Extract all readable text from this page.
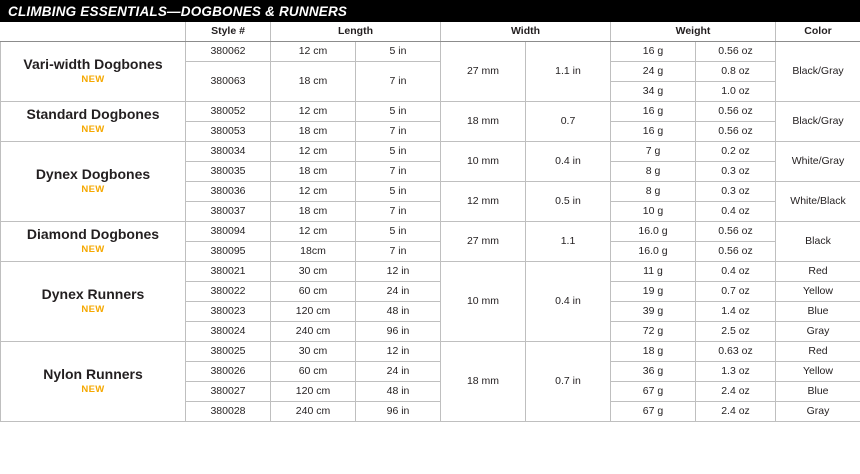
CLIMBING ESSENTIALS—DOGBONES & RUNNERS
	Style #	Length		Width		Weight		Color
Vari-width Dogbones
NEW	380062	12 cm	5 in	27 mm	1.1 in	16 g	0.56 oz	Black/Gray
	380063	18 cm	7 in			24 g	0.8 oz	
						34 g	1.0 oz	
Standard Dogbones
NEW	380052	12 cm	5 in	18 mm	0.7	16 g	0.56 oz	Black/Gray
	380053	18 cm	7 in			16 g	0.56 oz	
Dynex Dogbones
NEW	380034	12 cm	5 in	10 mm	0.4 in	7 g	0.2 oz	White/Gray
	380035	18 cm	7 in			8 g	0.3 oz	
	380036	12 cm	5 in	12 mm	0.5 in	8 g	0.3 oz	White/Black
	380037	18 cm	7 in			10 g	0.4 oz	
Diamond Dogbones
NEW	380094	12 cm	5 in	27 mm	1.1	16.0 g	0.56 oz	Black
	380095	18cm	7 in			16.0 g	0.56 oz	
Dynex Runners
NEW	380021	30 cm	12 in	10 mm	0.4 in	11 g	0.4 oz	Red
	380022	60 cm	24 in			19 g	0.7 oz	Yellow
	380023	120 cm	48 in			39 g	1.4 oz	Blue
	380024	240 cm	96 in			72 g	2.5 oz	Gray
Nylon Runners
NEW	380025	30 cm	12 in	18 mm	0.7 in	18 g	0.63 oz	Red
	380026	60 cm	24 in			36 g	1.3 oz	Yellow
	380027	120 cm	48 in			67 g	2.4 oz	Blue
	380028	240 cm	96 in			67 g	2.4 oz	Gray
